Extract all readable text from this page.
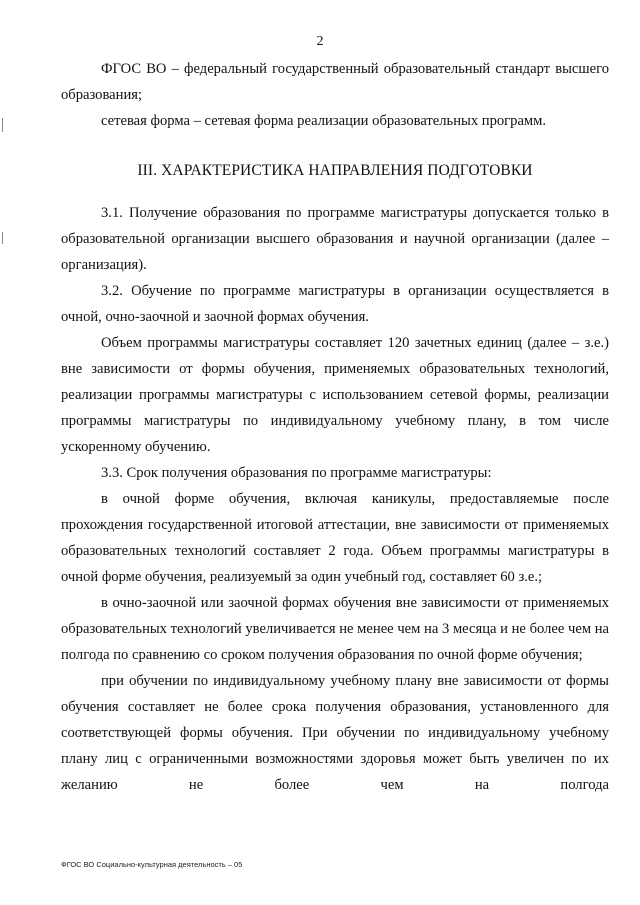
2

ФГОС ВО – федеральный государственный образовательный стандарт высшего образования;

сетевая форма – сетевая форма реализации образовательных программ.

III. ХАРАКТЕРИСТИКА НАПРАВЛЕНИЯ ПОДГОТОВКИ

3.1. Получение образования по программе магистратуры допускается только в образовательной организации высшего образования и научной организации (далее – организация).

3.2. Обучение по программе магистратуры в организации осуществляется в очной, очно-заочной и заочной формах обучения.

Объем программы магистратуры составляет 120 зачетных единиц (далее – з.е.) вне зависимости от формы обучения, применяемых образовательных технологий, реализации программы магистратуры с использованием сетевой формы, реализации программы магистратуры по индивидуальному учебному плану, в том числе ускоренному обучению.

3.3. Срок получения образования по программе магистратуры:

в очной форме обучения, включая каникулы, предоставляемые после прохождения государственной итоговой аттестации, вне зависимости от применяемых образовательных технологий составляет 2 года. Объем программы магистратуры в очной форме обучения, реализуемый за один учебный год, составляет 60 з.е.;

в очно-заочной или заочной формах обучения вне зависимости от применяемых образовательных технологий увеличивается не менее чем на 3 месяца и не более чем на полгода по сравнению со сроком получения образования по очной форме обучения;

при обучении по индивидуальному учебному плану вне зависимости от формы обучения составляет не более срока получения образования, установленного для соответствующей формы обучения. При обучении по индивидуальному учебному плану лиц с ограниченными возможностями здоровья может быть увеличен по их желанию не более чем на полгода

ФГОС ВО Социально-культурная деятельность – 05
